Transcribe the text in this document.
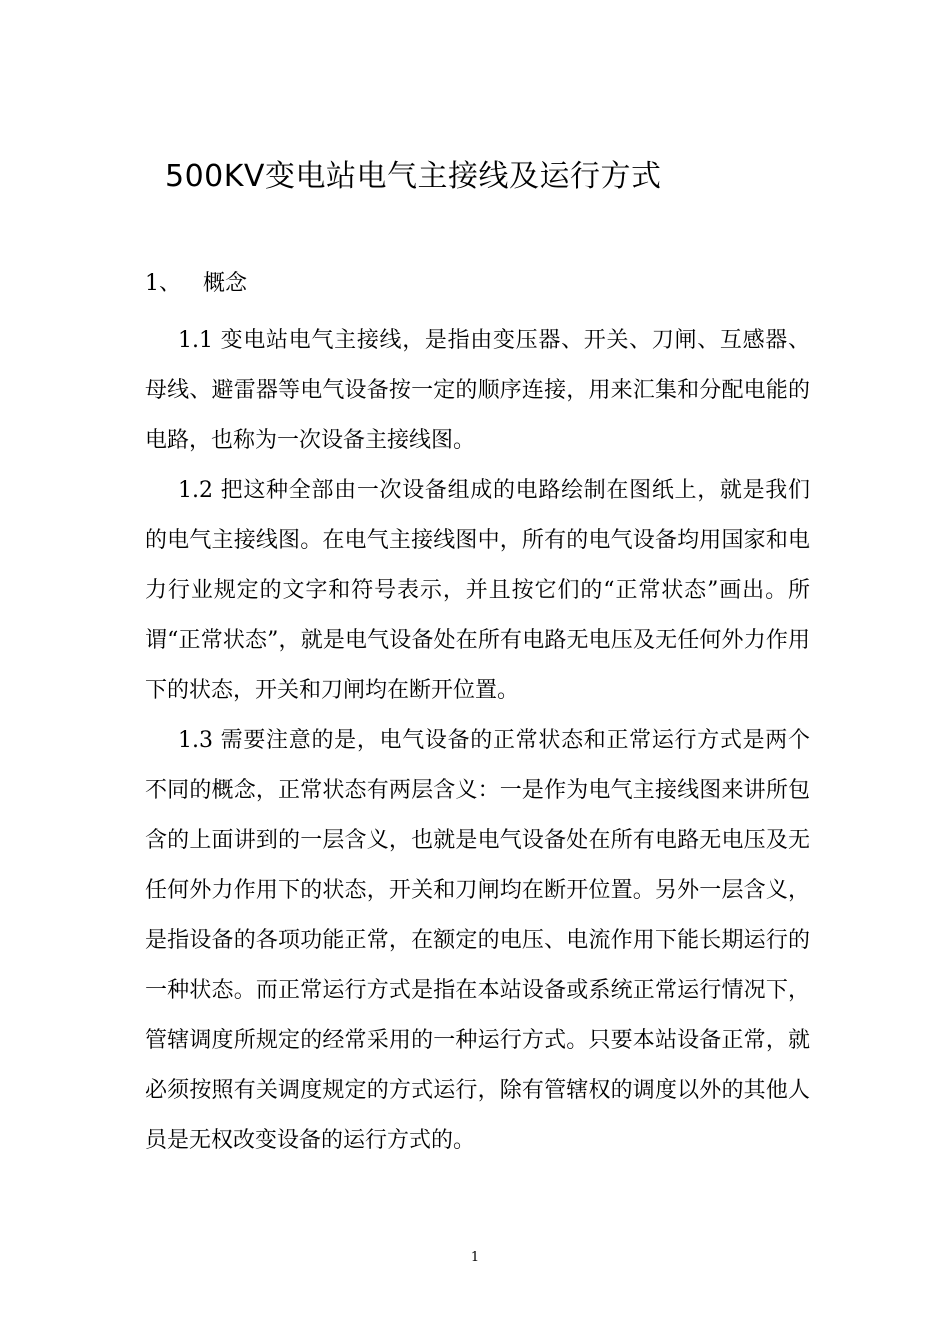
500KV变电站电气主接线及运行方式
1、 概念

1.1 变电站电气主接线，是指由变压器、开关、刀闸、互感器、母线、避雷器等电气设备按一定的顺序连接，用来汇集和分配电能的电路，也称为一次设备主接线图。

1.2 把这种全部由一次设备组成的电路绘制在图纸上，就是我们的电气主接线图。在电气主接线图中，所有的电气设备均用国家和电力行业规定的文字和符号表示，并且按它们的“正常状态”画出。所谓“正常状态”，就是电气设备处在所有电路无电压及无任何外力作用下的状态，开关和刀闸均在断开位置。

1.3 需要注意的是，电气设备的正常状态和正常运行方式是两个不同的概念，正常状态有两层含义：一是作为电气主接线图来讲所包含的上面讲到的一层含义，也就是电气设备处在所有电路无电压及无任何外力作用下的状态，开关和刀闸均在断开位置。另外一层含义，是指设备的各项功能正常，在额定的电压、电流作用下能长期运行的一种状态。而正常运行方式是指在本站设备或系统正常运行情况下，管辖调度所规定的经常采用的一种运行方式。只要本站设备正常，就必须按照有关调度规定的方式运行，除有管辖权的调度以外的其他人员是无权改变设备的运行方式的。

1
